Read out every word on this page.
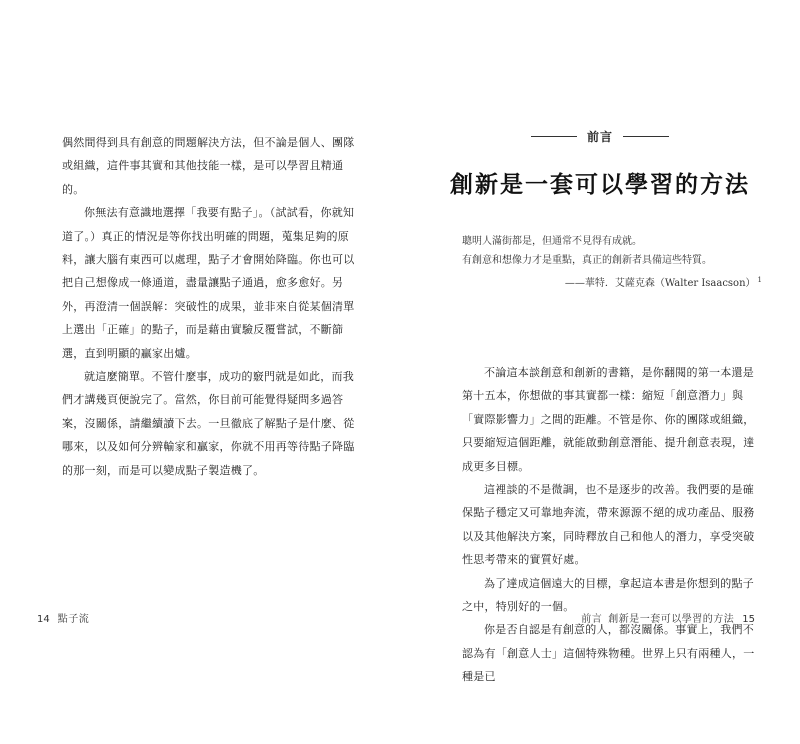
偶然間得到具有創意的問題解決方法，但不論是個人、團隊或組織，這件事其實和其他技能一樣，是可以學習且精通的。

你無法有意識地選擇「我要有點子」。（試試看，你就知道了。）真正的情況是等你找出明確的問題，蒐集足夠的原料，讓大腦有東西可以處理，點子才會開始降臨。你也可以把自己想像成一條通道，盡量讓點子通過，愈多愈好。另外，再澄清一個誤解：突破性的成果，並非來自從某個清單上選出「正確」的點子，而是藉由實驗反覆嘗試，不斷篩選，直到明顯的贏家出爐。

就這麼簡單。不管什麼事，成功的竅門就是如此，而我們才講幾頁便說完了。當然，你目前可能覺得疑問多過答案，沒關係，請繼續讀下去。一旦徹底了解點子是什麼、從哪來，以及如何分辨輸家和贏家，你就不用再等待點子降臨的那一刻，而是可以變成點子製造機了。

14 點子流
前言
創新是一套可以學習的方法
聰明人滿街都是，但通常不見得有成就。
有創意和想像力才是重點，真正的創新者具備這些特質。
——華特．艾薩克森（Walter Isaacson） $^1$

不論這本談創意和創新的書籍，是你翻閱的第一本還是第十五本，你想做的事其實都一樣：縮短「創意潛力」與「實際影響力」之間的距離。不管是你、你的團隊或組織，只要縮短這個距離，就能啟動創意潛能、提升創意表現，達成更多目標。

這裡談的不是微調，也不是逐步的改善。我們要的是確保點子穩定又可靠地奔流，帶來源源不絕的成功產品、服務以及其他解決方案，同時釋放自己和他人的潛力，享受突破性思考帶來的實質好處。

為了達成這個遠大的目標，拿起這本書是你想到的點子之中，特別好的一個。

你是否自認是有創意的人，都沒關係。事實上，我們不認為有「創意人士」這個特殊物種。世界上只有兩種人，一種是已

前言 創新是一套可以學習的方法 15
